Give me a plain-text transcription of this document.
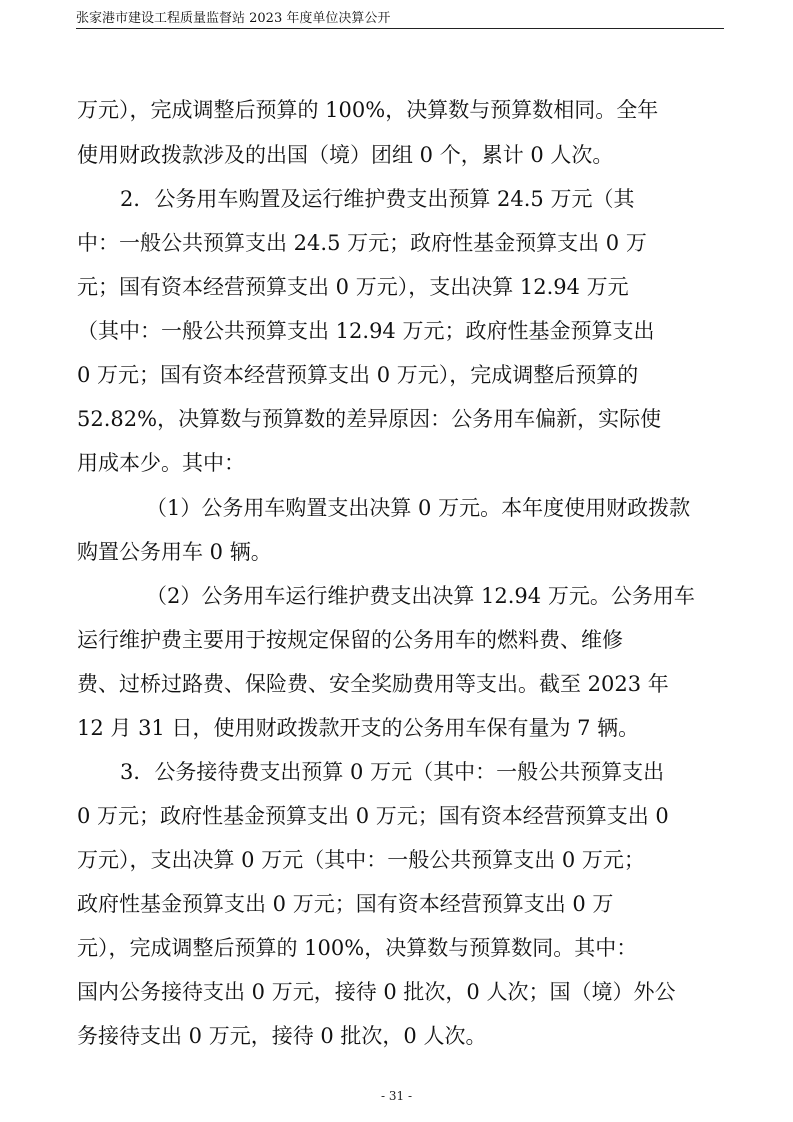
张家港市建设工程质量监督站 2023 年度单位决算公开
万元），完成调整后预算的 100%，决算数与预算数相同。全年
使用财政拨款涉及的出国（境）团组 0 个，累计 0 人次。
2．公务用车购置及运行维护费支出预算 24.5 万元（其
中：一般公共预算支出 24.5 万元；政府性基金预算支出 0 万
元；国有资本经营预算支出 0 万元），支出决算 12.94 万元
（其中：一般公共预算支出 12.94 万元；政府性基金预算支出
0 万元；国有资本经营预算支出 0 万元），完成调整后预算的
52.82%，决算数与预算数的差异原因：公务用车偏新，实际使
用成本少。其中：
（1）公务用车购置支出决算 0 万元。本年度使用财政拨款
购置公务用车 0 辆。
（2）公务用车运行维护费支出决算 12.94 万元。公务用车
运行维护费主要用于按规定保留的公务用车的燃料费、维修
费、过桥过路费、保险费、安全奖励费用等支出。截至 2023 年
12 月 31 日，使用财政拨款开支的公务用车保有量为 7 辆。
3．公务接待费支出预算 0 万元（其中：一般公共预算支出
0 万元；政府性基金预算支出 0 万元；国有资本经营预算支出 0
万元），支出决算 0 万元（其中：一般公共预算支出 0 万元；
政府性基金预算支出 0 万元；国有资本经营预算支出 0 万
元），完成调整后预算的 100%，决算数与预算数同。其中：
国内公务接待支出 0 万元，接待 0 批次，0 人次；国（境）外公
务接待支出 0 万元，接待 0 批次，0 人次。
- 31 -
